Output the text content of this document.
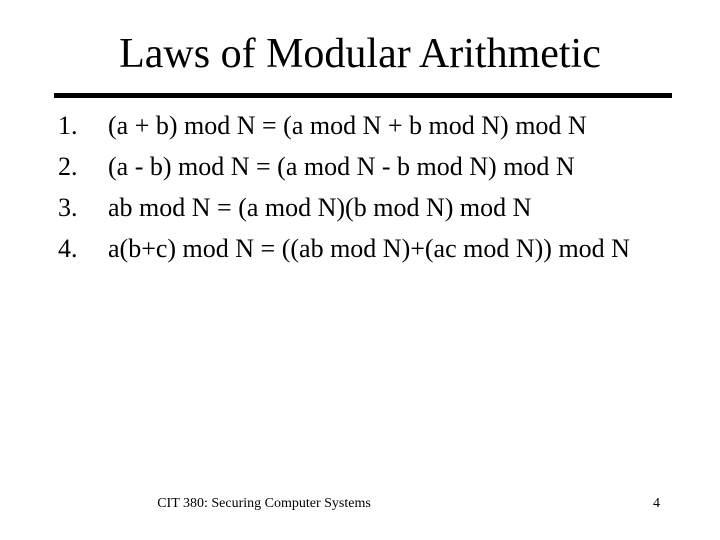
Laws of Modular Arithmetic
1. (a + b) mod N = (a mod N + b mod N) mod N
2. (a - b) mod N = (a mod N - b mod N) mod N
3. ab mod N = (a mod N)(b mod N) mod N
4. a(b+c) mod N = ((ab mod N)+(ac mod N)) mod N
CIT 380: Securing Computer Systems	4
